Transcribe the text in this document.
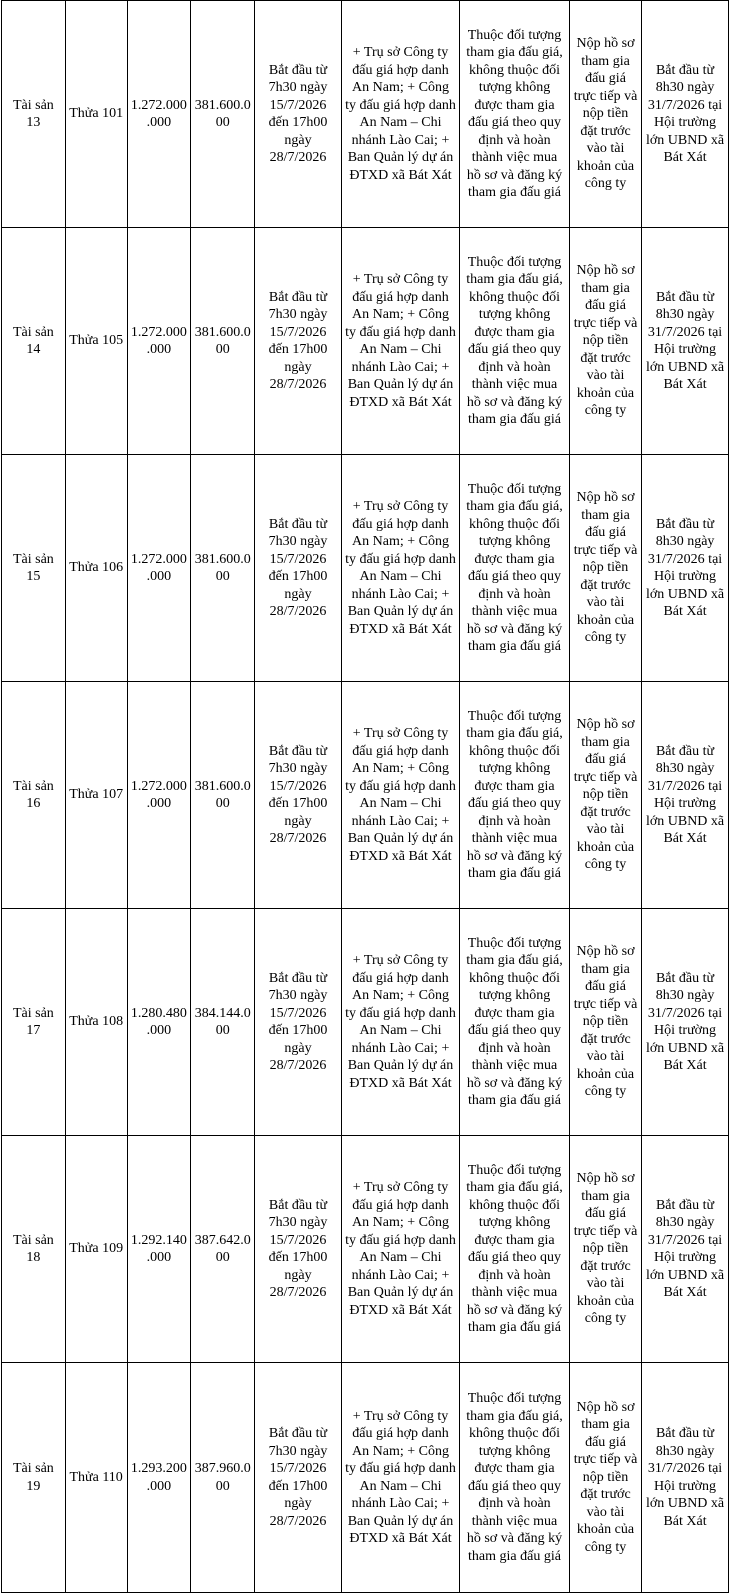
Tài sản 13	Thửa 101	1.272.000.000	381.600.000	Bắt đầu từ 7h30 ngày 15/7/2026 đến 17h00 ngày 28/7/2026	+ Trụ sở Công ty đấu giá hợp danh An Nam; + Công ty đấu giá hợp danh An Nam – Chi nhánh Lào Cai; + Ban Quản lý dự án ĐTXD xã Bát Xát	Thuộc đối tượng tham gia đấu giá, không thuộc đối tượng không được tham gia đấu giá theo quy định và hoàn thành việc mua hồ sơ và đăng ký tham gia đấu giá	Nộp hồ sơ tham gia đấu giá trực tiếp và nộp tiền đặt trước vào tài khoản của công ty	Bắt đầu từ 8h30 ngày 31/7/2026 tại Hội trường lớn UBND xã Bát Xát
Tài sản 14	Thửa 105	1.272.000.000	381.600.000	Bắt đầu từ 7h30 ngày 15/7/2026 đến 17h00 ngày 28/7/2026	+ Trụ sở Công ty đấu giá hợp danh An Nam; + Công ty đấu giá hợp danh An Nam – Chi nhánh Lào Cai; + Ban Quản lý dự án ĐTXD xã Bát Xát	Thuộc đối tượng tham gia đấu giá, không thuộc đối tượng không được tham gia đấu giá theo quy định và hoàn thành việc mua hồ sơ và đăng ký tham gia đấu giá	Nộp hồ sơ tham gia đấu giá trực tiếp và nộp tiền đặt trước vào tài khoản của công ty	Bắt đầu từ 8h30 ngày 31/7/2026 tại Hội trường lớn UBND xã Bát Xát
Tài sản 15	Thửa 106	1.272.000.000	381.600.000	Bắt đầu từ 7h30 ngày 15/7/2026 đến 17h00 ngày 28/7/2026	+ Trụ sở Công ty đấu giá hợp danh An Nam; + Công ty đấu giá hợp danh An Nam – Chi nhánh Lào Cai; + Ban Quản lý dự án ĐTXD xã Bát Xát	Thuộc đối tượng tham gia đấu giá, không thuộc đối tượng không được tham gia đấu giá theo quy định và hoàn thành việc mua hồ sơ và đăng ký tham gia đấu giá	Nộp hồ sơ tham gia đấu giá trực tiếp và nộp tiền đặt trước vào tài khoản của công ty	Bắt đầu từ 8h30 ngày 31/7/2026 tại Hội trường lớn UBND xã Bát Xát
Tài sản 16	Thửa 107	1.272.000.000	381.600.000	Bắt đầu từ 7h30 ngày 15/7/2026 đến 17h00 ngày 28/7/2026	+ Trụ sở Công ty đấu giá hợp danh An Nam; + Công ty đấu giá hợp danh An Nam – Chi nhánh Lào Cai; + Ban Quản lý dự án ĐTXD xã Bát Xát	Thuộc đối tượng tham gia đấu giá, không thuộc đối tượng không được tham gia đấu giá theo quy định và hoàn thành việc mua hồ sơ và đăng ký tham gia đấu giá	Nộp hồ sơ tham gia đấu giá trực tiếp và nộp tiền đặt trước vào tài khoản của công ty	Bắt đầu từ 8h30 ngày 31/7/2026 tại Hội trường lớn UBND xã Bát Xát
Tài sản 17	Thửa 108	1.280.480.000	384.144.000	Bắt đầu từ 7h30 ngày 15/7/2026 đến 17h00 ngày 28/7/2026	+ Trụ sở Công ty đấu giá hợp danh An Nam; + Công ty đấu giá hợp danh An Nam – Chi nhánh Lào Cai; + Ban Quản lý dự án ĐTXD xã Bát Xát	Thuộc đối tượng tham gia đấu giá, không thuộc đối tượng không được tham gia đấu giá theo quy định và hoàn thành việc mua hồ sơ và đăng ký tham gia đấu giá	Nộp hồ sơ tham gia đấu giá trực tiếp và nộp tiền đặt trước vào tài khoản của công ty	Bắt đầu từ 8h30 ngày 31/7/2026 tại Hội trường lớn UBND xã Bát Xát
Tài sản 18	Thửa 109	1.292.140.000	387.642.000	Bắt đầu từ 7h30 ngày 15/7/2026 đến 17h00 ngày 28/7/2026	+ Trụ sở Công ty đấu giá hợp danh An Nam; + Công ty đấu giá hợp danh An Nam – Chi nhánh Lào Cai; + Ban Quản lý dự án ĐTXD xã Bát Xát	Thuộc đối tượng tham gia đấu giá, không thuộc đối tượng không được tham gia đấu giá theo quy định và hoàn thành việc mua hồ sơ và đăng ký tham gia đấu giá	Nộp hồ sơ tham gia đấu giá trực tiếp và nộp tiền đặt trước vào tài khoản của công ty	Bắt đầu từ 8h30 ngày 31/7/2026 tại Hội trường lớn UBND xã Bát Xát
Tài sản 19	Thửa 110	1.293.200.000	387.960.000	Bắt đầu từ 7h30 ngày 15/7/2026 đến 17h00 ngày 28/7/2026	+ Trụ sở Công ty đấu giá hợp danh An Nam; + Công ty đấu giá hợp danh An Nam – Chi nhánh Lào Cai; + Ban Quản lý dự án ĐTXD xã Bát Xát	Thuộc đối tượng tham gia đấu giá, không thuộc đối tượng không được tham gia đấu giá theo quy định và hoàn thành việc mua hồ sơ và đăng ký tham gia đấu giá	Nộp hồ sơ tham gia đấu giá trực tiếp và nộp tiền đặt trước vào tài khoản của công ty	Bắt đầu từ 8h30 ngày 31/7/2026 tại Hội trường lớn UBND xã Bát Xát
